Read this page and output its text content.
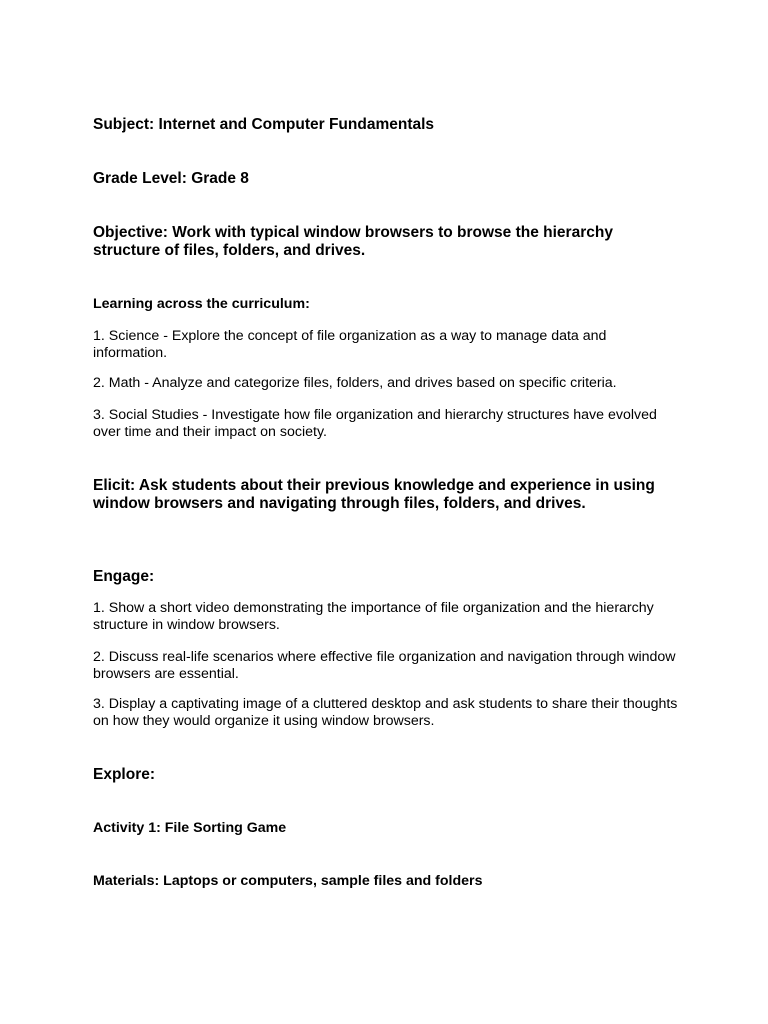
Subject: Internet and Computer Fundamentals

Grade Level: Grade 8

Objective: Work with typical window browsers to browse the hierarchy structure of files, folders, and drives.

Learning across the curriculum:

1. Science - Explore the concept of file organization as a way to manage data and information.

2. Math - Analyze and categorize files, folders, and drives based on specific criteria.

3. Social Studies - Investigate how file organization and hierarchy structures have evolved over time and their impact on society.

Elicit: Ask students about their previous knowledge and experience in using window browsers and navigating through files, folders, and drives.

Engage:

1. Show a short video demonstrating the importance of file organization and the hierarchy structure in window browsers.

2. Discuss real-life scenarios where effective file organization and navigation through window browsers are essential.

3. Display a captivating image of a cluttered desktop and ask students to share their thoughts on how they would organize it using window browsers.

Explore:

Activity 1: File Sorting Game

Materials: Laptops or computers, sample files and folders
